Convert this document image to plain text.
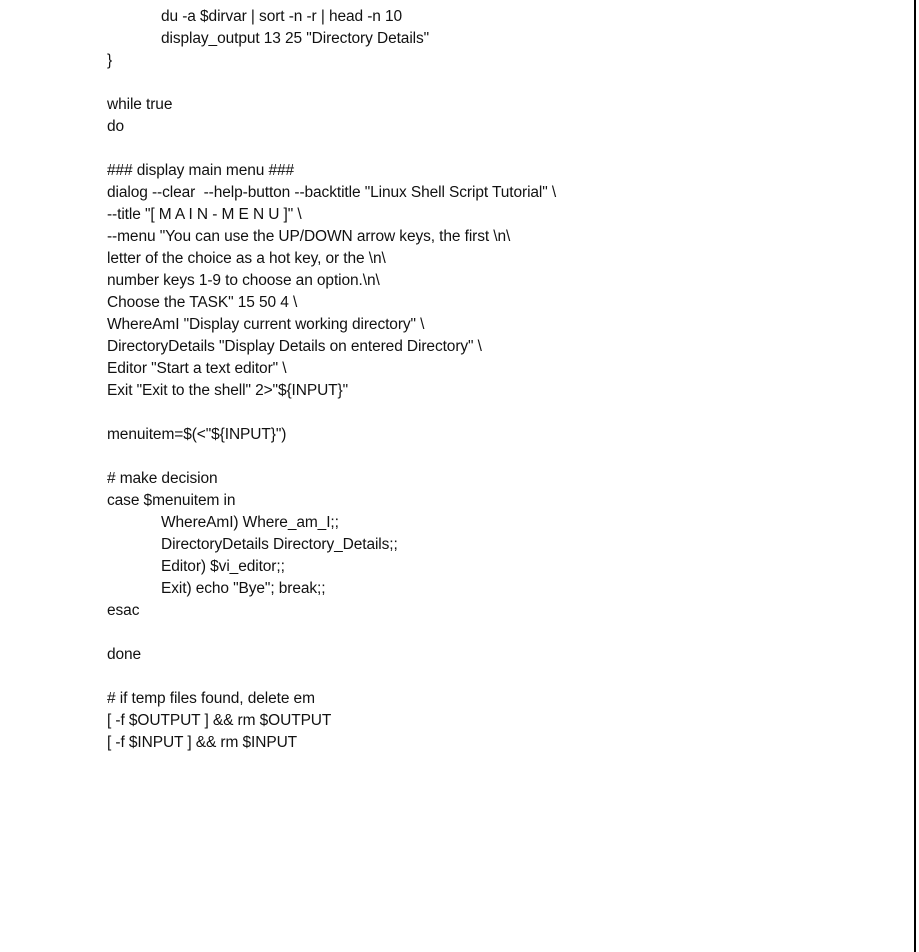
du -a $dirvar | sort -n -r | head -n 10
display_output 13 25 "Directory Details"
}
while true
do
### display main menu ###
dialog --clear  --help-button --backtitle "Linux Shell Script Tutorial" \
--title "[ M A I N - M E N U ]" \
--menu "You can use the UP/DOWN arrow keys, the first \n\
letter of the choice as a hot key, or the \n\
number keys 1-9 to choose an option.\n\
Choose the TASK" 15 50 4 \
WhereAmI "Display current working directory" \
DirectoryDetails "Display Details on entered Directory" \
Editor "Start a text editor" \
Exit "Exit to the shell" 2>"${INPUT}"
menuitem=$(<"${INPUT}")
# make decision
case $menuitem in
WhereAmI) Where_am_I;;
DirectoryDetails Directory_Details;;
Editor) $vi_editor;;
Exit) echo "Bye"; break;;
esac
done
# if temp files found, delete em
[ -f $OUTPUT ] && rm $OUTPUT
[ -f $INPUT ] && rm $INPUT
